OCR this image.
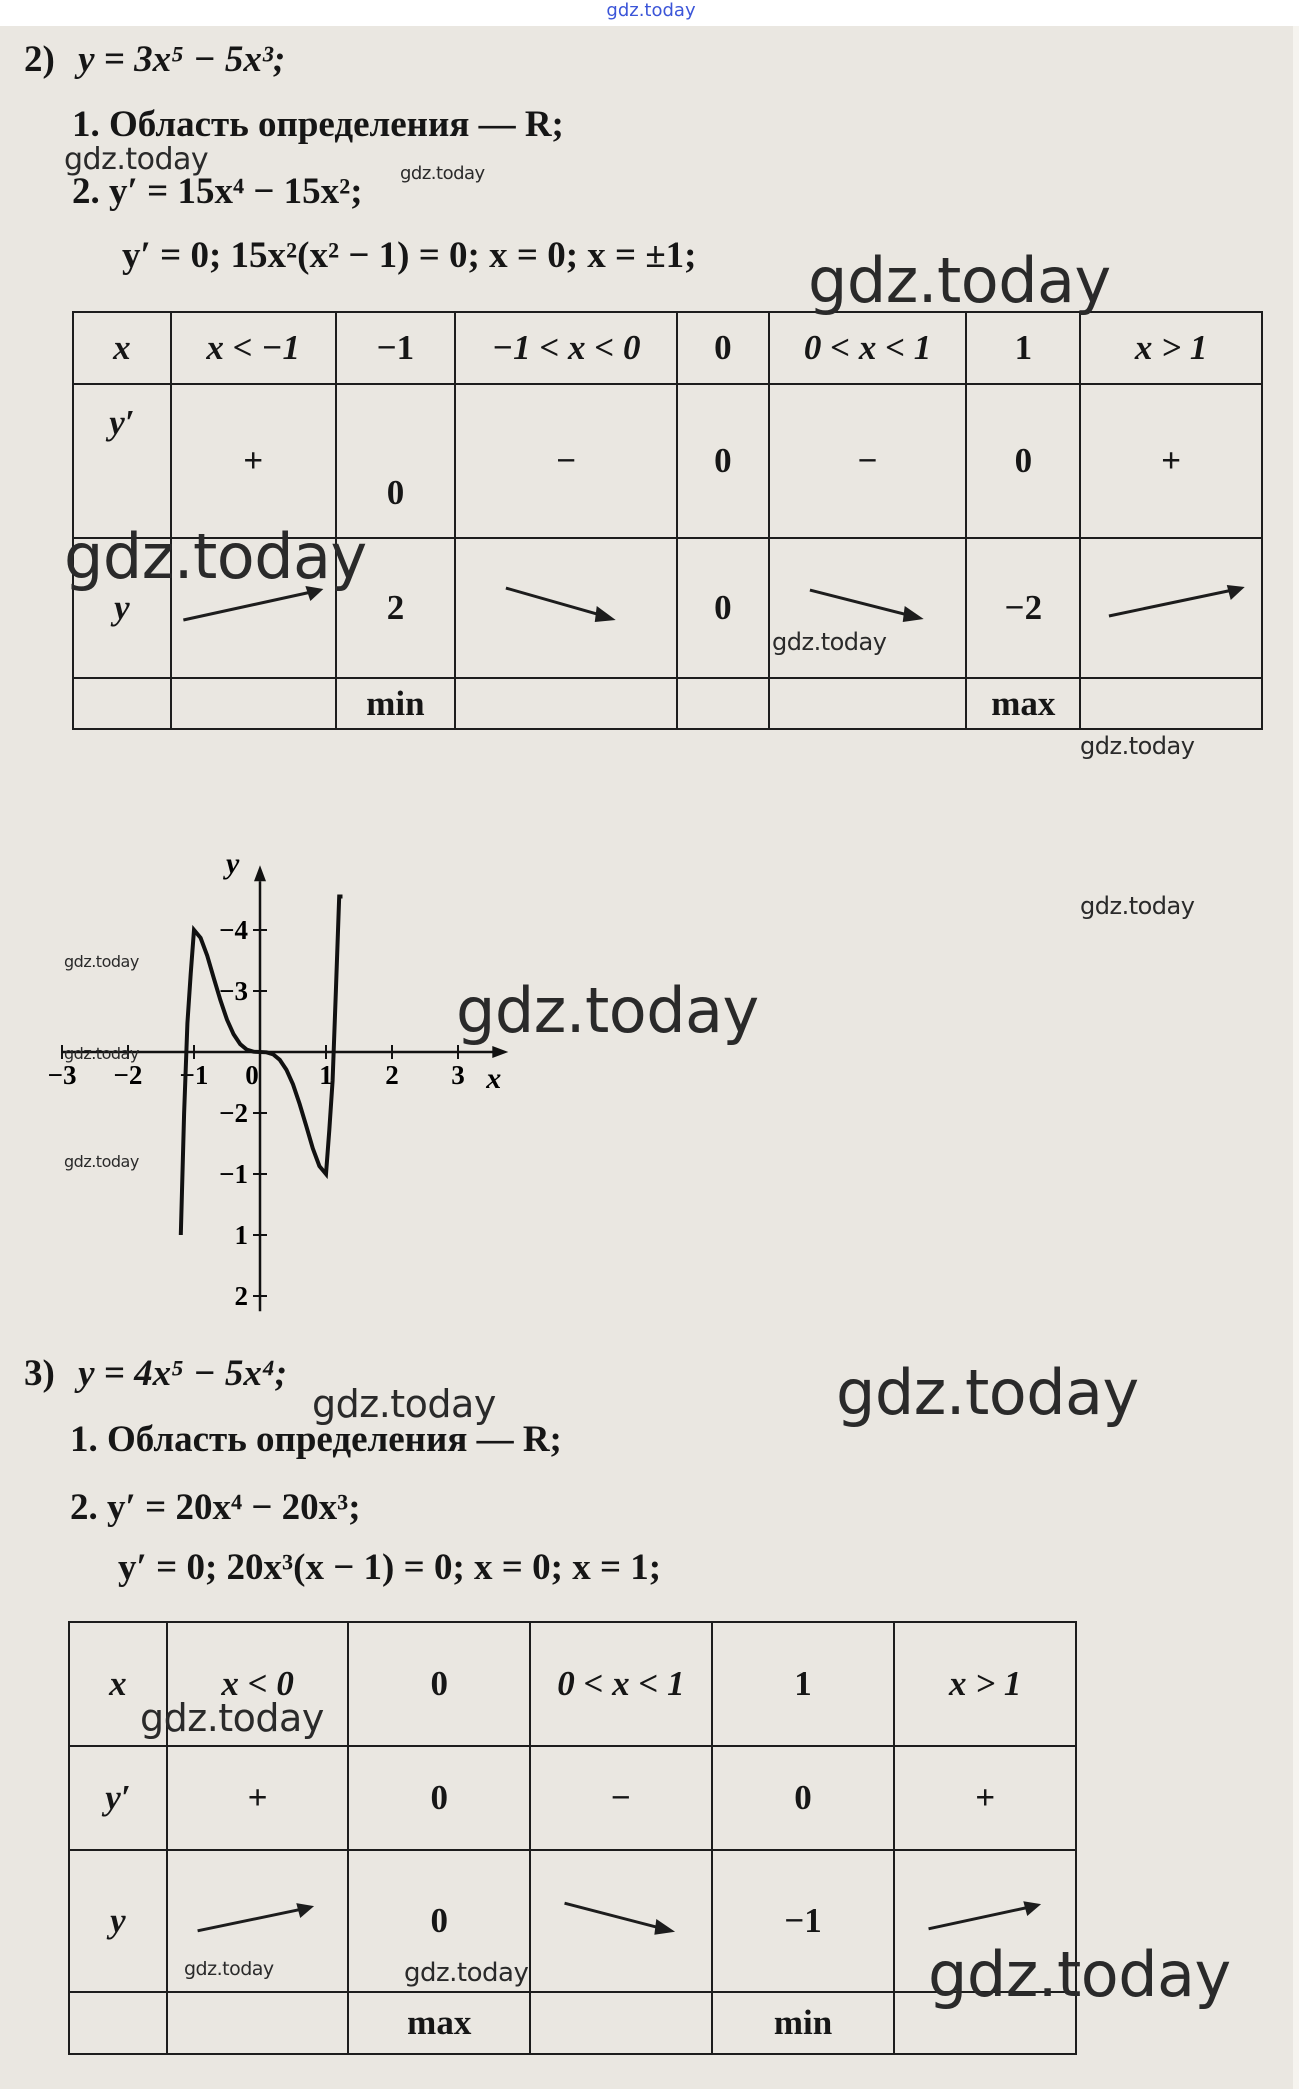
gdz.today
2) y = 3x⁵ − 5x³;
1. Область определения — R;
2. y′ = 15x⁴ − 15x²;
y′ = 0; 15x²(x² − 1) = 0; x = 0; x = ±1;
x	x < −1	−1	−1 < x < 0	0	0 < x < 1	1	x > 1

y′	+	0	−	0	−	0	+
y		2		0		−2	
		min				max	
−3 −2 −1 0 1 2 3
2
1
−1
−2
−3
−4
y
x
3) y = 4x⁵ − 5x⁴;
1. Область определения — R;
2. y′ = 20x⁴ − 20x³;
y′ = 0; 20x³(x − 1) = 0; x = 0; x = 1;
x	x < 0	0	0 < x < 1	1	x > 1
y′	+	0	−	0	+
y		0		−1	
		max		min	
gdz.today	gdz.today
gdz.today
gdz.today
gdz.today
gdz.today
gdz.today
gdz.today
gdz.today
gdz.today
gdz.today
gdz.today	gdz.today
gdz.today
gdz.today	gdz.today	gdz.today
